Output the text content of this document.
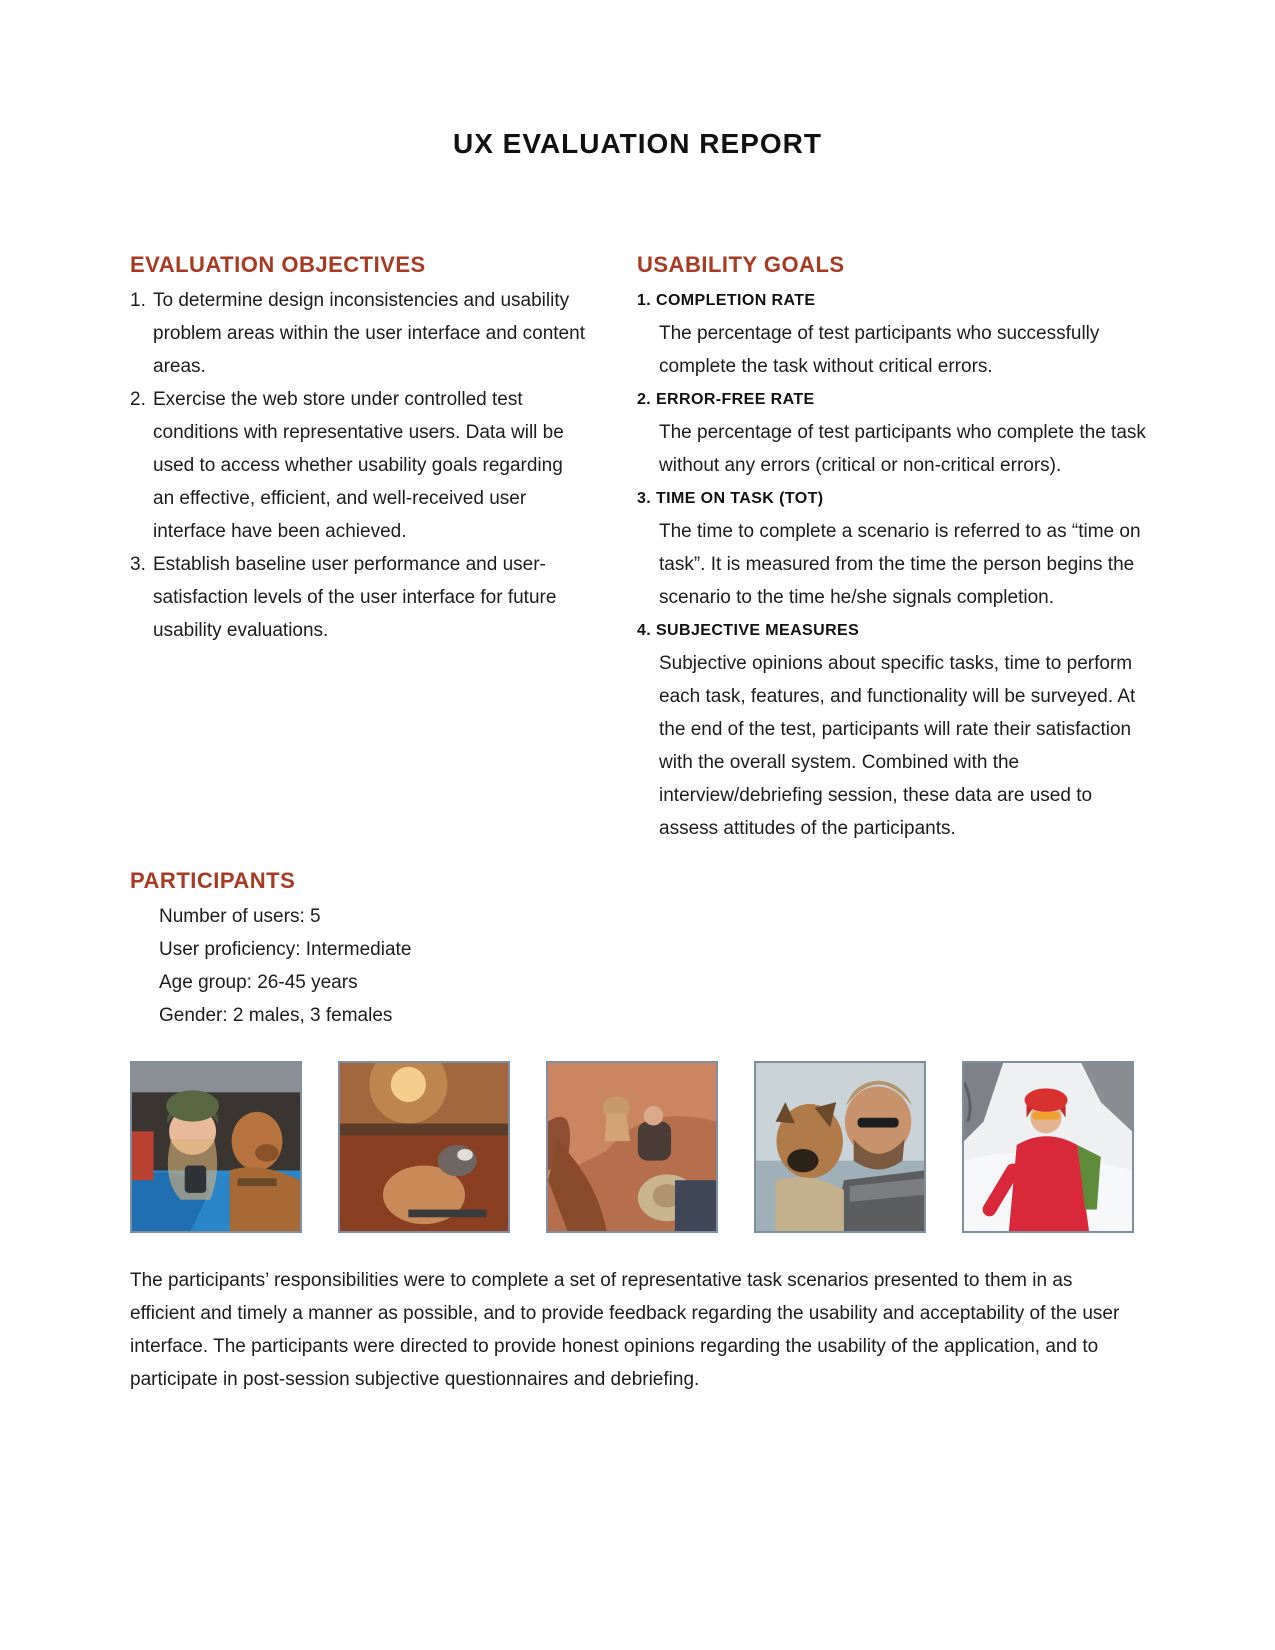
UX EVALUATION REPORT
EVALUATION OBJECTIVES
1. To determine design inconsistencies and usability problem areas within the user interface and content areas.
2. Exercise the web store under controlled test conditions with representative users. Data will be used to access whether usability goals regarding an effective, efficient, and well-received user interface have been achieved.
3. Establish baseline user performance and user-satisfaction levels of the user interface for future usability evaluations.
USABILITY GOALS
1. COMPLETION RATE
The percentage of test participants who successfully complete the task without critical errors.
2. ERROR-FREE RATE
The percentage of test participants who complete the task without any errors (critical or non-critical errors).
3. TIME ON TASK (TOT)
The time to complete a scenario is referred to as “time on task”. It is measured from the time the person begins the scenario to the time he/she signals completion.
4. SUBJECTIVE MEASURES
Subjective opinions about specific tasks, time to perform each task, features, and functionality will be surveyed. At the end of the test, participants will rate their satisfaction with the overall system. Combined with the interview/debriefing session, these data are used to assess attitudes of the participants.
PARTICIPANTS
Number of users: 5
User proficiency: Intermediate
Age group: 26-45 years
Gender: 2 males, 3 females
The participants’ responsibilities were to complete a set of representative task scenarios presented to them in as efficient and timely a manner as possible, and to provide feedback regarding the usability and acceptability of the user interface. The participants were directed to provide honest opinions regarding the usability of the application, and to participate in post-session subjective questionnaires and debriefing.
